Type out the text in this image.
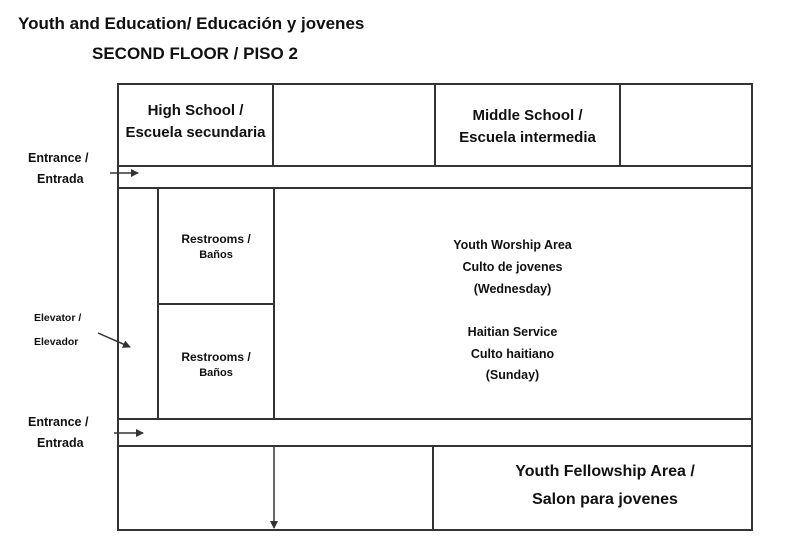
Youth and Education/ Educación y jovenes
SECOND FLOOR / PISO 2
High School /
Escuela secundaria
Middle School /
Escuela intermedia
Restrooms /
Baños
Restrooms /
Baños
Youth Worship Area
Culto de jovenes
(Wednesday)
Haitian Service
Culto haitiano
(Sunday)
Youth Fellowship Area /
Salon para jovenes
Entrance /
Entrada
Elevator /
Elevador
Entrance /
Entrada
